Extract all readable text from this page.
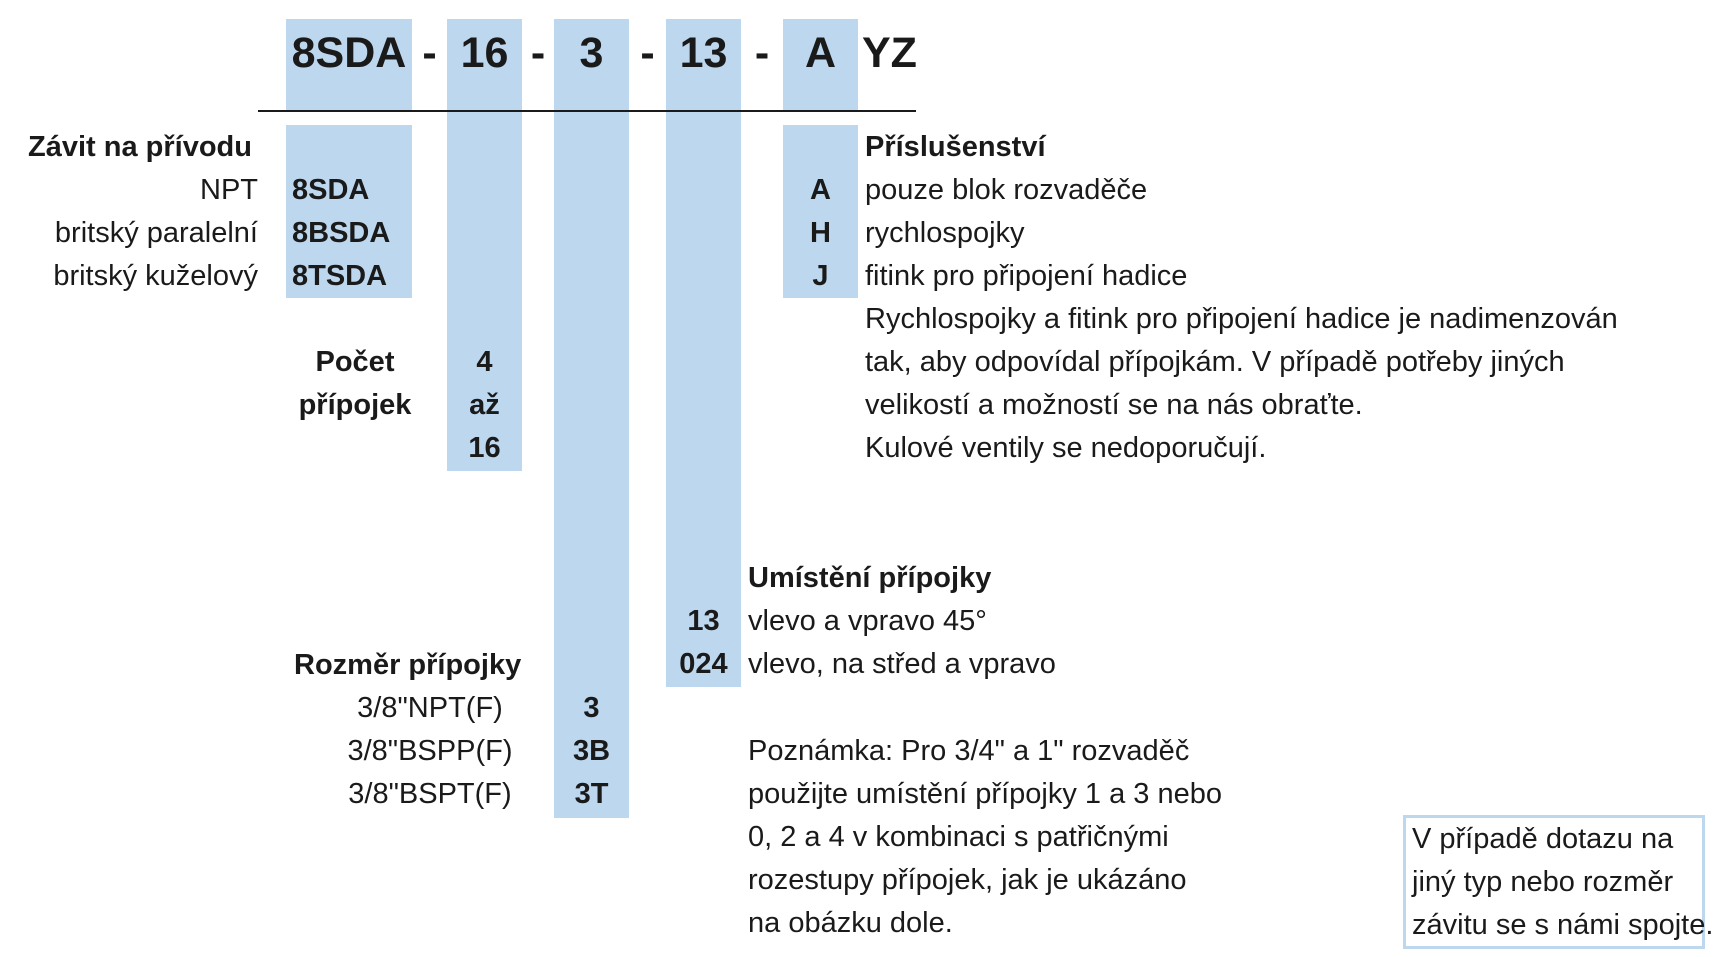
8SDA - 16 - 3 - 13 - A YZ
Závit na přívodu
NPT 8SDA
britský paralelní 8BSDA
britský kuželový 8TSDA
Počet
přípojek
4
až
16
Rozměr přípojky
3/8"NPT(F)	3
3/8"BSPP(F)	3B
3/8"BSPT(F)	3T
Umístění přípojky
13 vlevo a vpravo 45°
024 vlevo, na střed a vpravo
Příslušenství
A	pouze blok rozvaděče
H	rychlospojky
J	fitink pro připojení hadice
Rychlospojky a fitink pro připojení hadice je nadimenzován
tak, aby odpovídal přípojkám. V případě potřeby jiných
velikostí a možností se na nás obraťte.
Kulové ventily se nedoporučují.
Poznámka: Pro 3/4" a 1" rozvaděč
použijte umístění přípojky 1 a 3 nebo
0, 2 a 4 v kombinaci s patřičnými
rozestupy přípojek, jak je ukázáno
na obázku dole.
V případě dotazu na
jiný typ nebo rozměr
závitu se s námi spojte.
